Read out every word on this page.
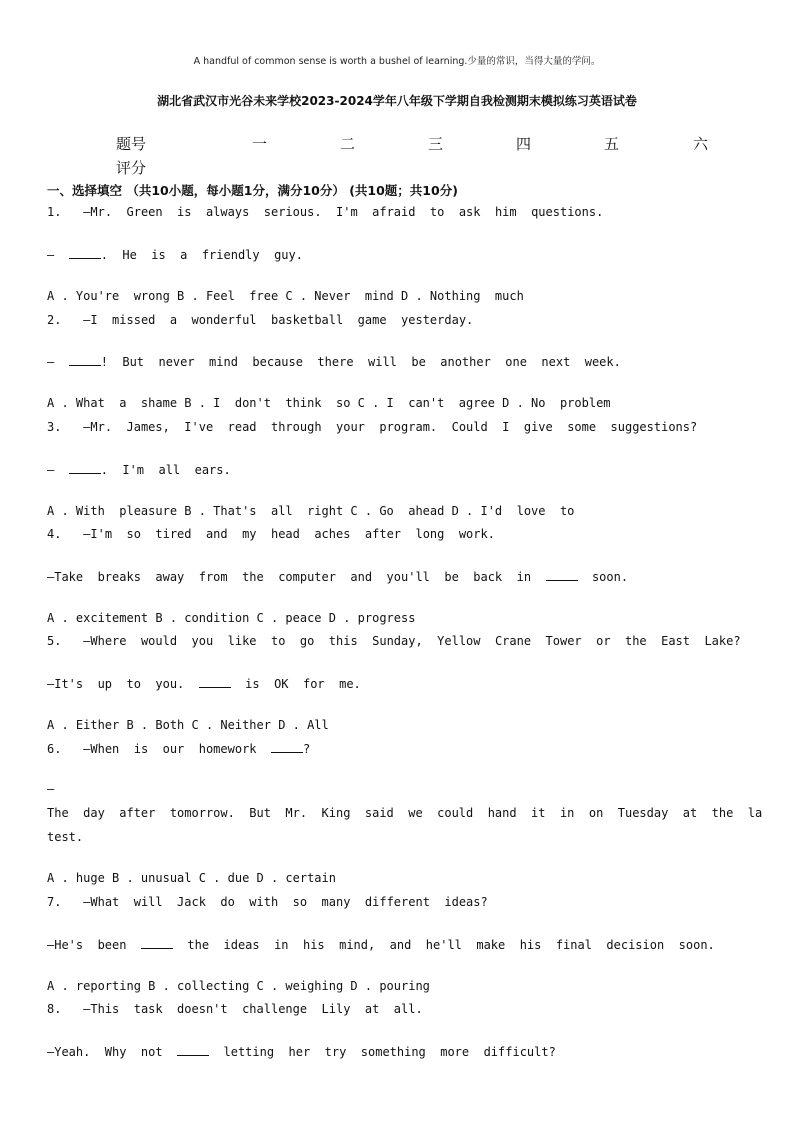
A handful of common sense is worth a bushel of learning.少量的常识，当得大量的学问。
湖北省武汉市光谷未来学校2023-2024学年八年级下学期自我检测期末模拟练习英语试卷
题号	一	二	三	四	五	六
评分
一、选择填空 （共10小题，每小题1分，满分10分） (共10题；共10分)
1. —Mr.  Green  is  always  serious.  I'm  afraid  to  ask  him  questions.
—	.  He  is  a  friendly  guy.
A . You're  wrong B . Feel  free C . Never  mind D . Nothing  much
2. —I  missed  a  wonderful  basketball  game  yesterday.
—	!  But  never  mind  because  there  will  be  another  one  next  week.
A . What  a  shame B . I  don't  think  so C . I  can't  agree D . No  problem
3. —Mr.  James,  I've  read  through  your  program.  Could  I  give  some  suggestions?
—	.  I'm  all  ears.
A . With  pleasure B . That's  all  right C . Go  ahead D . I'd  love  to
4. —I'm  so  tired  and  my  head  aches  after  long  work.
—Take  breaks  away  from  the  computer  and  you'll  be  back  in	soon.
A . excitement B . condition C . peace D . progress
5. —Where  would  you  like  to  go  this  Sunday,  Yellow  Crane  Tower  or  the  East  Lake?
—It's  up  to  you.	is  OK  for  me.
A . Either B . Both C . Neither D . All
6. —When  is  our  homework	?
—
The  day  after  tomorrow.  But  Mr.  King  said  we  could  hand  it  in  on  Tuesday  at  the  la
test.
A . huge B . unusual C . due D . certain
7. —What  will  Jack  do  with  so  many  different  ideas?
—He's  been	the  ideas  in  his  mind,  and  he'll  make  his  final  decision  soon.
A . reporting B . collecting C . weighing D . pouring
8. —This  task  doesn't  challenge  Lily  at  all.
—Yeah.  Why  not	letting  her  try  something  more  difficult?
